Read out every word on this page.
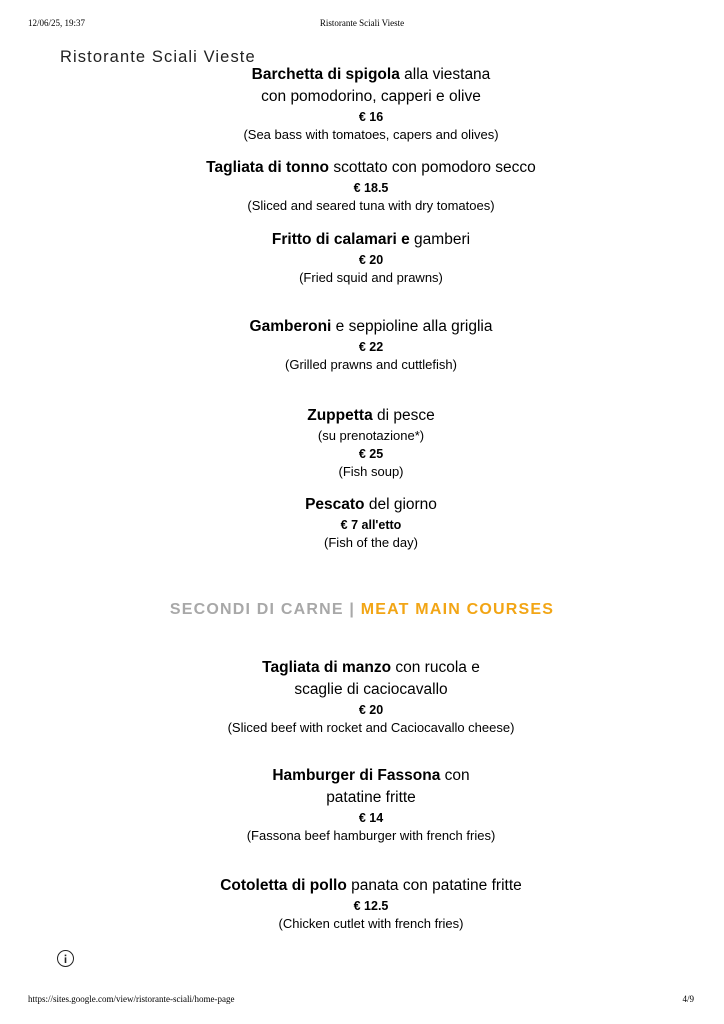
12/06/25, 19:37	Ristorante Sciali Vieste
Ristorante Sciali Vieste
Barchetta di spigola alla viestana
con pomodorino, capperi e olive
€ 16
(Sea bass with tomatoes, capers and olives)
Tagliata di tonno scottato con pomodoro secco
€ 18.5
(Sliced and seared tuna with dry tomatoes)
Fritto di calamari e gamberi
€ 20
(Fried squid and prawns)
Gamberoni e seppioline alla griglia
€ 22
(Grilled prawns and cuttlefish)
Zuppetta di pesce
(su prenotazione*)
€ 25
(Fish soup)
Pescato del giorno
€ 7 all'etto
(Fish of the day)
SECONDI DI CARNE | MEAT MAIN COURSES
Tagliata di manzo con rucola e
scaglie di caciocavallo
€ 20
(Sliced beef with rocket and Caciocavallo cheese)
Hamburger di Fassona con
patatine fritte
€ 14
(Fassona beef hamburger with french fries)
Cotoletta di pollo panata con patatine fritte
€ 12.5
(Chicken cutlet with french fries)
https://sites.google.com/view/ristorante-sciali/home-page	4/9
